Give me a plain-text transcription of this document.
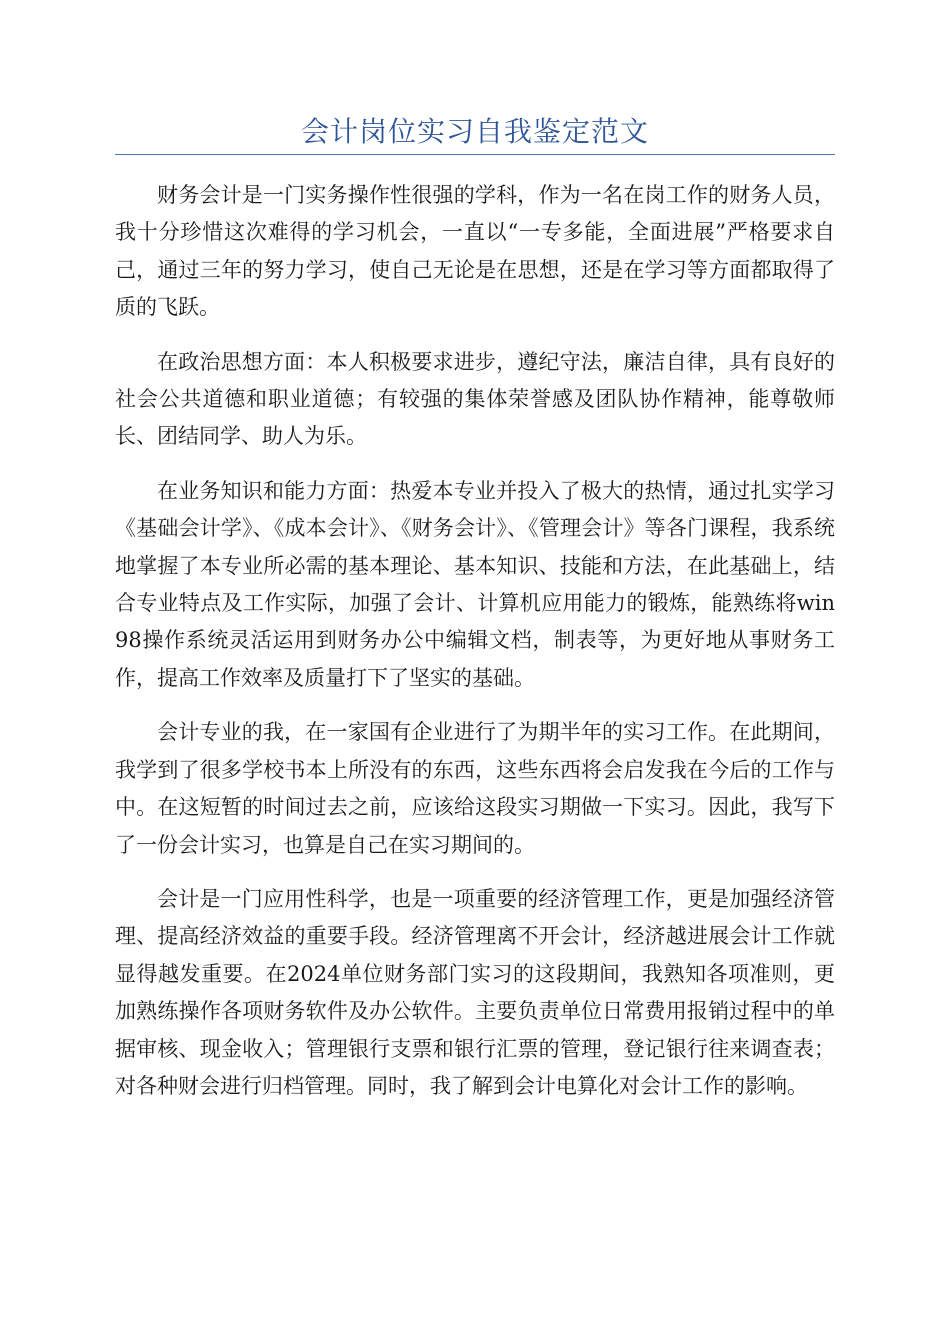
会计岗位实习自我鉴定范文

财务会计是一门实务操作性很强的学科，作为一名在岗工作的财务人员，我十分珍惜这次难得的学习机会，一直以“一专多能，全面进展”严格要求自己，通过三年的努力学习，使自己无论是在思想，还是在学习等方面都取得了质的飞跃。

在政治思想方面：本人积极要求进步，遵纪守法，廉洁自律，具有良好的社会公共道德和职业道德；有较强的集体荣誉感及团队协作精神，能尊敬师长、团结同学、助人为乐。

在业务知识和能力方面：热爱本专业并投入了极大的热情，通过扎实学习《基础会计学》、《成本会计》、《财务会计》、《管理会计》等各门课程，我系统地掌握了本专业所必需的基本理论、基本知识、技能和方法，在此基础上，结合专业特点及工作实际，加强了会计、计算机应用能力的锻炼，能熟练将win98操作系统灵活运用到财务办公中编辑文档，制表等，为更好地从事财务工作，提高工作效率及质量打下了坚实的基础。

会计专业的我，在一家国有企业进行了为期半年的实习工作。在此期间，我学到了很多学校书本上所没有的东西，这些东西将会启发我在今后的工作与中。在这短暂的时间过去之前，应该给这段实习期做一下实习。因此，我写下了一份会计实习，也算是自己在实习期间的。

会计是一门应用性科学，也是一项重要的经济管理工作，更是加强经济管理、提高经济效益的重要手段。经济管理离不开会计，经济越进展会计工作就显得越发重要。在2024单位财务部门实习的这段期间，我熟知各项准则，更加熟练操作各项财务软件及办公软件。主要负责单位日常费用报销过程中的单据审核、现金收入；管理银行支票和银行汇票的管理，登记银行往来调查表；对各种财会进行归档管理。同时，我了解到会计电算化对会计工作的影响。
